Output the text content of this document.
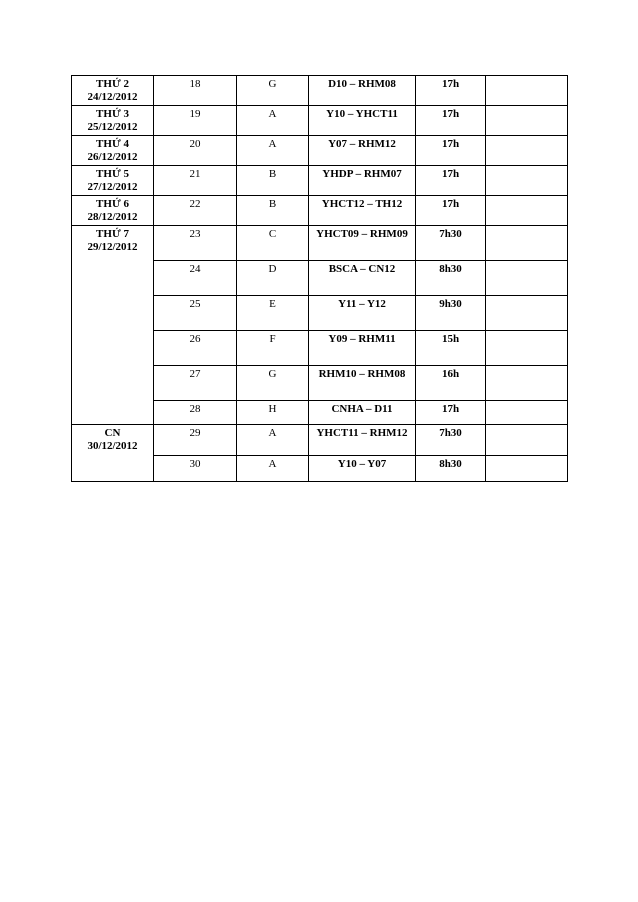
THỨ 2
24/12/2012	18	G	D10 – RHM08	17h	

THỨ 3
25/12/2012	19	A	Y10 – YHCT11	17h	

THỨ 4
26/12/2012	20	A	Y07 – RHM12	17h	

THỨ 5
27/12/2012	21	B	YHDP – RHM07	17h	

THỨ 6
28/12/2012	22	B	YHCT12 – TH12	17h	

THỨ 7
29/12/2012	23	C	YHCT09 – RHM09	7h30	
	24	D	BSCA – CN12	8h30	
	25	E	Y11 – Y12	9h30	
	26	F	Y09 – RHM11	15h	
	27	G	RHM10 – RHM08	16h	
	28	H	CNHA – D11	17h	

CN
30/12/2012	29	A	YHCT11 – RHM12	7h30	
	30	A	Y10 – Y07	8h30	
